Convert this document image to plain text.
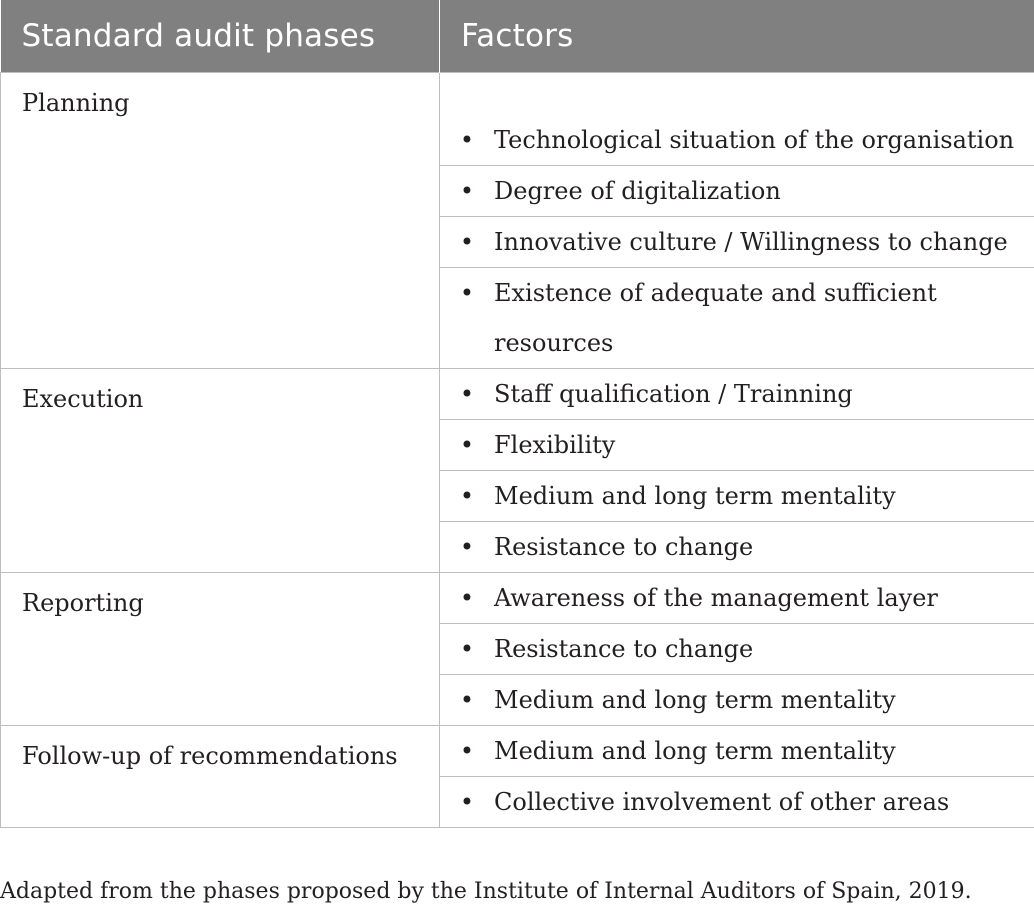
Standard audit phases	Factors
Planning	• Technological situation of the organisation

	• Degree of digitalization

	• Innovative culture / Willingness to change

	• Existence of adequate and sufficient resources

Execution	• Staff qualification / Trainning

	• Flexibility

	• Medium and long term mentality

	• Resistance to change

Reporting	• Awareness of the management layer

	• Resistance to change

	• Medium and long term mentality

Follow-up of recommendations	• Medium and long term mentality

	• Collective involvement of other areas
Adapted from the phases proposed by the Institute of Internal Auditors of Spain, 2019.
